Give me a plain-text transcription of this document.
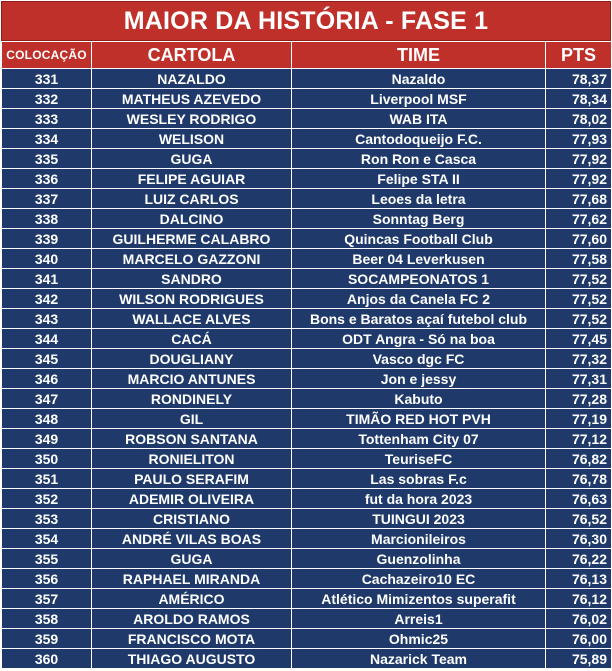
MAIOR DA HISTÓRIA - FASE 1
COLOCAÇÃO	CARTOLA	TIME	PTS
331	NAZALDO	Nazaldo	78,37
332	MATHEUS AZEVEDO	Liverpool MSF	78,34
333	WESLEY RODRIGO	WAB ITA	78,02
334	WELISON	Cantodoqueijo F.C.	77,93
335	GUGA	Ron Ron e Casca	77,92
336	FELIPE AGUIAR	Felipe STA II	77,92
337	LUIZ CARLOS	Leoes da letra	77,68
338	DALCINO	Sonntag Berg	77,62
339	GUILHERME CALABRO	Quincas Football Club	77,60
340	MARCELO GAZZONI	Beer 04 Leverkusen	77,58
341	SANDRO	SOCAMPEONATOS 1	77,52
342	WILSON RODRIGUES	Anjos da Canela FC 2	77,52
343	WALLACE ALVES	Bons e Baratos açaí futebol club	77,52
344	CACÁ	ODT Angra - Só na boa	77,45
345	DOUGLIANY	Vasco dgc FC	77,32
346	MARCIO ANTUNES	Jon e jessy	77,31
347	RONDINELY	Kabuto	77,28
348	GIL	TIMÃO RED HOT PVH	77,19
349	ROBSON SANTANA	Tottenham City 07	77,12
350	RONIELITON	TeuriseFC	76,82
351	PAULO SERAFIM	Las sobras F.c	76,78
352	ADEMIR OLIVEIRA	fut da hora 2023	76,63
353	CRISTIANO	TUINGUI 2023	76,52
354	ANDRÉ VILAS BOAS	Marcionileiros	76,30
355	GUGA	Guenzolinha	76,22
356	RAPHAEL MIRANDA	Cachazeiro10 EC	76,13
357	AMÉRICO	Atlético Mimizentos superafit	76,12
358	AROLDO RAMOS	Arreis1	76,02
359	FRANCISCO MOTA	Ohmic25	76,00
360	THIAGO AUGUSTO	Nazarick Team	75,89
